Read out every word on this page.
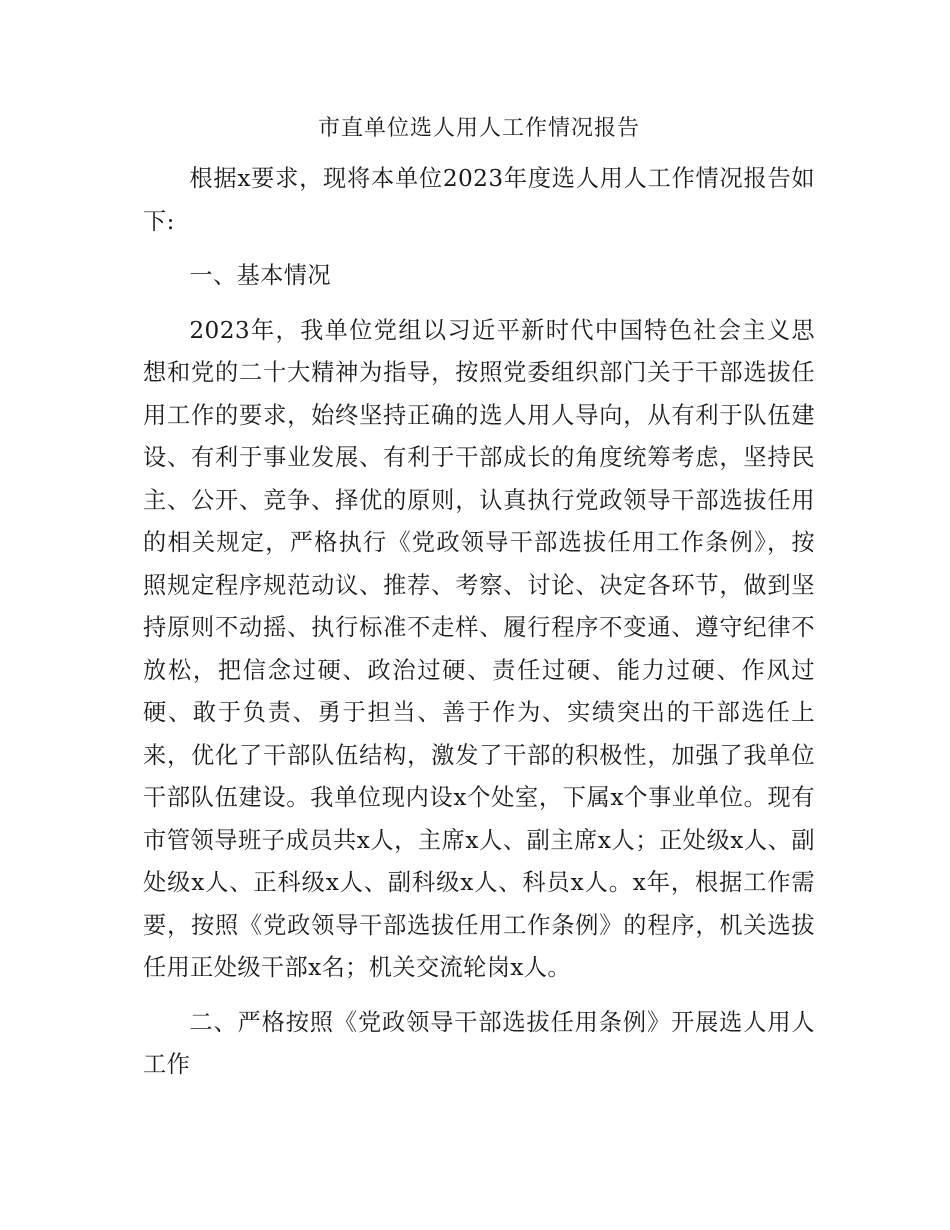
市直单位选人用人工作情况报告

根据x要求，现将本单位2023年度选人用人工作情况报告如下:

一、基本情况

2023年，我单位党组以习近平新时代中国特色社会主义思想和党的二十大精神为指导，按照党委组织部门关于干部选拔任用工作的要求，始终坚持正确的选人用人导向，从有利于队伍建设、有利于事业发展、有利于干部成长的角度统筹考虑，坚持民主、公开、竞争、择优的原则，认真执行党政领导干部选拔任用的相关规定，严格执行《党政领导干部选拔任用工作条例》，按照规定程序规范动议、推荐、考察、讨论、决定各环节，做到坚持原则不动摇、执行标准不走样、履行程序不变通、遵守纪律不放松，把信念过硬、政治过硬、责任过硬、能力过硬、作风过硬、敢于负责、勇于担当、善于作为、实绩突出的干部选任上来，优化了干部队伍结构，激发了干部的积极性，加强了我单位干部队伍建设。我单位现内设x个处室，下属x个事业单位。现有市管领导班子成员共x人，主席x人、副主席x人；正处级x人、副处级x人、正科级x人、副科级x人、科员x人。x年，根据工作需要，按照《党政领导干部选拔任用工作条例》的程序，机关选拔任用正处级干部x名；机关交流轮岗x人。

二、严格按照《党政领导干部选拔任用条例》开展选人用人工作
